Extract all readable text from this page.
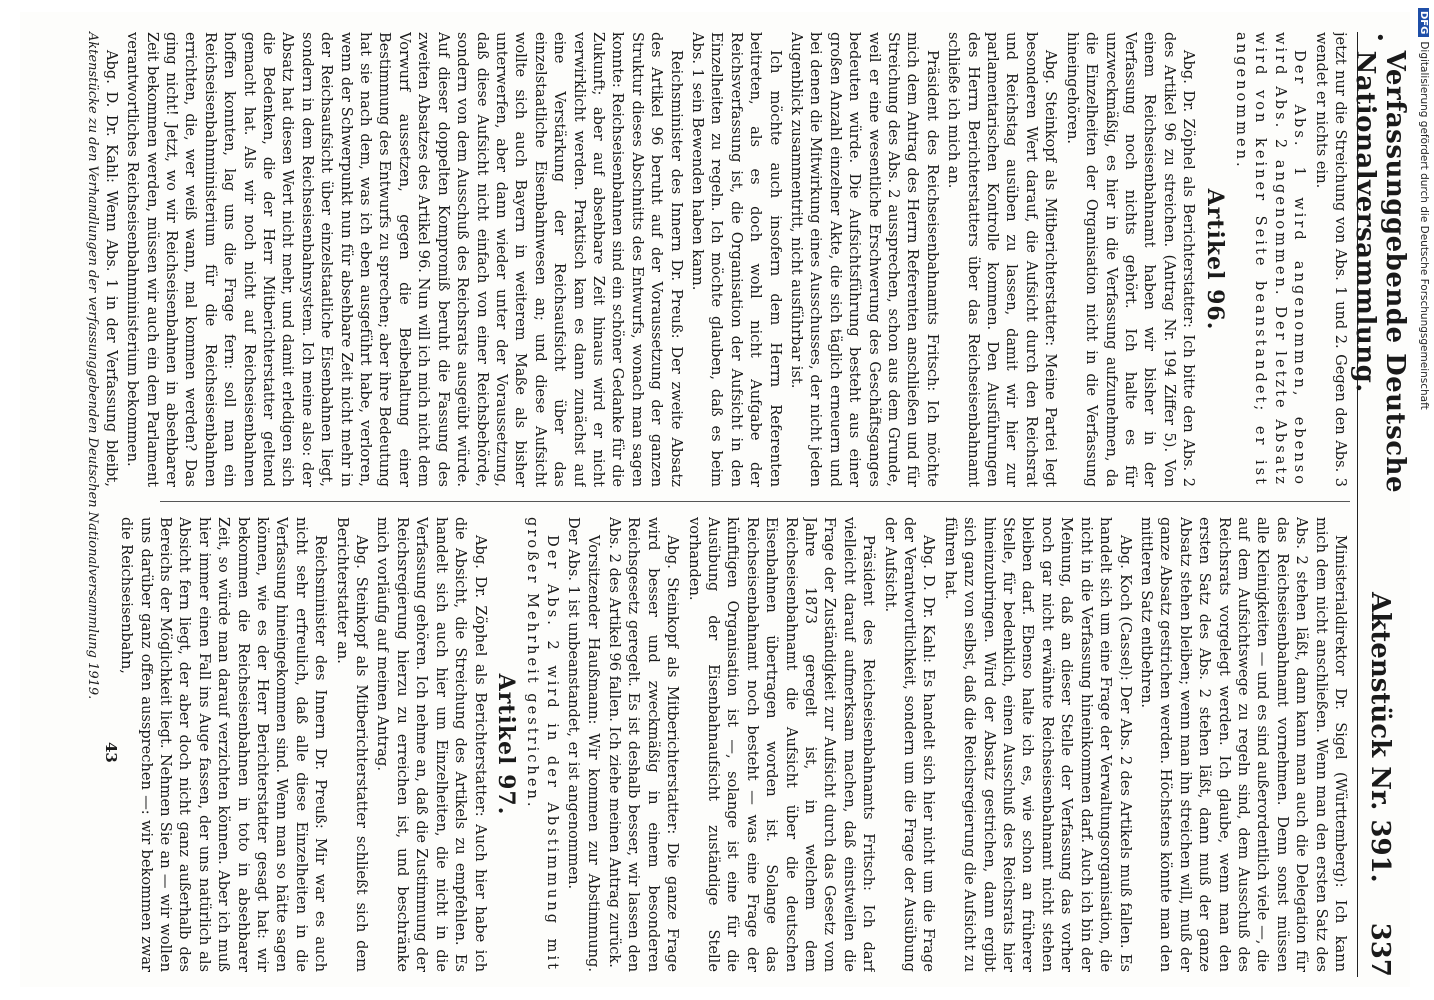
•
Verfassunggebende Deutsche Nationalversammlung.
Aktenstück Nr. 391.
337

jetzt nur die Streichung von Abs. 1 und 2. Gegen den Abs. 3 wendet er nichts ein.

Der Abs. 1 wird angenommen, ebenso wird Abs. 2 angenommen. Der letzte Absatz wird von keiner Seite beanstandet; er ist angenommen.

Artikel 96.

Abg. Dr. Zöphel als Berichterstatter: Ich bitte den Abs. 2 des Artikel 96 zu streichen. (Antrag Nr. 194 Ziffer 5). Von einem Reichseisenbahnamt haben wir bisher in der Verfassung noch nichts gehört. Ich halte es für unzweckmäßig, es hier in die Verfassung aufzunehmen, da die Einzelheiten der Organisation nicht in die Verfassung hineingehören.

Abg. Steinkopf als Mitberichterstatter: Meine Partei legt besonderen Wert darauf, die Aufsicht durch den Reichsrat und Reichstag ausüben zu lassen, damit wir hier zur parlamentarischen Kontrolle kommen. Den Ausführungen des Herrn Berichterstatters über das Reichseisenbahnamt schließe ich mich an.

Präsident des Reichseisenbahnamts Fritsch: Ich möchte mich dem Antrag des Herrn Referenten anschließen und für Streichung des Abs. 2 aussprechen, schon aus dem Grunde, weil er eine wesentliche Erschwerung des Geschäftsganges bedeuten würde. Die Aufsichtsführung besteht aus einer großen Anzahl einzelner Akte, die sich täglich erneuern und bei denen die Mitwirkung eines Ausschusses, der nicht jeden Augenblick zusammentritt, nicht ausführbar ist.

Ich möchte auch insofern dem Herrn Referenten beitreten, als es doch wohl nicht Aufgabe der Reichsverfassung ist, die Organisation der Aufsicht in den Einzelheiten zu regeln. Ich möchte glauben, daß es beim Abs. 1 sein Bewenden haben kann.

Reichsminister des Innern Dr. Preuß: Der zweite Absatz des Artikel 96 beruht auf der Voraussetzung der ganzen Struktur dieses Abschnitts des Entwurfs, wonach man sagen konnte: Reichseisenbahnen sind ein schöner Gedanke für die Zukunft; aber auf absehbare Zeit hinaus wird er nicht verwirklicht werden. Praktisch kam es dann zunächst auf eine Verstärkung der Reichsaufsicht über das einzelstaatliche Eisenbahnwesen an; und diese Aufsicht wollte sich auch Bayern in weiterem Maße als bisher unterwerfen, aber dann wieder unter der Voraussetzung, daß diese Aufsicht nicht einfach von einer Reichsbehörde, sondern von dem Ausschuß des Reichsrats ausgeübt würde. Auf dieser doppelten Kompromiß beruht die Fassung des zweiten Absatzes des Artikel 96. Nun will ich mich nicht dem Vorwurf aussetzen, gegen die Beibehaltung einer Bestimmung des Entwurfs zu sprechen; aber ihre Bedeutung hat sie nach dem, was ich eben ausgeführt habe, verloren, wenn der Schwerpunkt nun für absehbare Zeit nicht mehr in der Reichsaufsicht über einzelstaatliche Eisenbahnen liegt, sondern in dem Reichseisenbahnsystem. Ich meine also: der Absatz hat diesen Wert nicht mehr, und damit erledigen sich die Bedenken, die der Herr Mitberichterstatter geltend gemacht hat. Als wir noch nicht auf Reichseisenbahnen hoffen konnten, lag uns die Frage fern: soll man ein Reichseisenbahnministerium für die Reichseisenbahnen errichten, die, wer weiß wann, mal kommen werden? Das ging nicht! Jetzt, wo wir Reichseisenbahnen in absehbarer Zeit bekommen werden, müssen wir auch ein dem Parlament verantwortliches Reichseisenbahnministerium bekommen.

Abg. D. Dr. Kahl: Wenn Abs. 1 in der Verfassung bleibt,

Ministerialdirektor Dr. Sigel (Württemberg): Ich kann mich dem nicht anschließen. Wenn man den ersten Satz des Abs. 2 stehen läßt, dann kann man auch die Delegation für das Reichseisenbahnamt vornehmen. Denn sonst müssen alle Kleinigkeiten — und es sind außerordentlich viele —, die auf dem Aufsichtswege zu regeln sind, dem Ausschuß des Reichsrats vorgelegt werden. Ich glaube, wenn man den ersten Satz des Abs. 2 stehen läßt, dann muß der ganze Absatz stehen bleiben; wenn man ihn streichen will, muß der ganze Absatz gestrichen werden. Höchstens könnte man den mittleren Satz entbehren.

Abg. Koch (Cassel): Der Abs. 2 des Artikels muß fallen. Es handelt sich um eine Frage der Verwaltungsorganisation, die nicht in die Verfassung hineinkommen darf. Auch ich bin der Meinung, daß an dieser Stelle der Verfassung das vorher noch gar nicht erwähnte Reichseisenbahnamt nicht stehen bleiben darf. Ebenso halte ich es, wie schon an früherer Stelle, für bedenklich, einen Ausschuß des Reichsrats hier hineinzubringen. Wird der Absatz gestrichen, dann ergibt sich ganz von selbst, daß die Reichsregierung die Aufsicht zu führen hat.

Abg. D. Dr. Kahl: Es handelt sich hier nicht um die Frage der Verantwortlichkeit, sondern um die Frage der Ausübung der Aufsicht.

Präsident des Reichseisenbahnamts Fritsch: Ich darf vielleicht darauf aufmerksam machen, daß einstweilen die Frage der Zuständigkeit zur Aufsicht durch das Gesetz vom Jahre 1873 geregelt ist, in welchem dem Reichseisenbahnamt die Aufsicht über die deutschen Eisenbahnen übertragen worden ist. Solange das Reichseisenbahnamt noch besteht — was eine Frage der künftigen Organisation ist —, solange ist eine für die Ausübung der Eisenbahnaufsicht zuständige Stelle vorhanden.

Abg. Steinkopf als Mitberichterstatter: Die ganze Frage wird besser und zweckmäßig in einem besonderen Reichsgesetz geregelt. Es ist deshalb besser, wir lassen den Abs. 2 des Artikel 96 fallen. Ich ziehe meinen Antrag zurück.

Vorsitzender Haußmann: Wir kommen zur Abstimmung. Der Abs. 1 ist unbeanstandet, er ist angenommen.

Der Abs. 2 wird in der Abstimmung mit großer Mehrheit gestrichen.

Artikel 97.

Abg. Dr. Zöphel als Berichterstatter: Auch hier habe ich die Absicht, die Streichung des Artikels zu empfehlen. Es handelt sich auch hier um Einzelheiten, die nicht in die Verfassung gehören. Ich nehme an, daß die Zustimmung der Reichsregierung hierzu zu erreichen ist, und beschränke mich vorläufig auf meinen Antrag.

Abg. Steinkopf als Mitberichterstatter schließt sich dem Berichterstatter an.

Reichsminister des Innern Dr. Preuß: Mir war es auch nicht sehr erfreulich, daß alle diese Einzelheiten in die Verfassung hineingekommen sind. Wenn man so hätte sagen können, wie es der Herr Berichterstatter gesagt hat: wir bekommen die Reichseisenbahnen in toto in absehbarer Zeit, so würde man darauf verzichten können. Aber ich muß hier immer einen Fall ins Auge fassen, der uns natürlich als Absicht fern liegt, der aber doch nicht ganz außerhalb des Bereichs der Möglichkeit liegt. Nehmen Sie an — wir wollen uns darüber ganz offen aussprechen —: wir bekommen zwar die Reichseisenbahn,

Aktenstücke zu den Verhandlungen der verfassunggebenden Deutschen Nationalversammlung 1919.
43
DFGDigitalisierung gefördert durch die Deutsche Forschungsgemeinschaft
